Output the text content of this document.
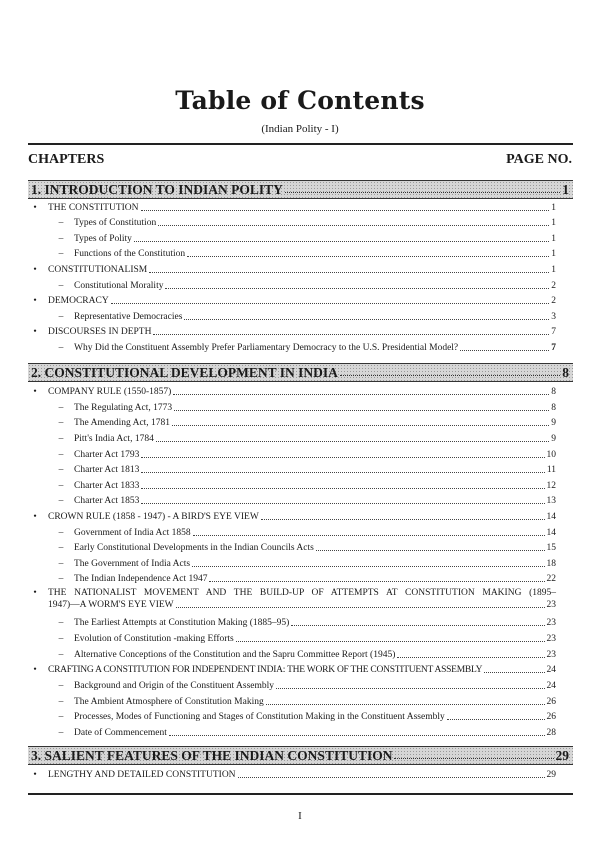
Table of Contents
(Indian Polity - I)
CHAPTERS	PAGE NO.
1. INTRODUCTION TO INDIAN POLITY	1
•	THE CONSTITUTION	1
–	Types of Constitution	1
–	Types of Polity	1
–	Functions of the Constitution	1
•	CONSTITUTIONALISM	1
–	Constitutional Morality	2
•	DEMOCRACY	2
–	Representative Democracies	3
•	DISCOURSES IN DEPTH	7
–	Why Did the Constituent Assembly Prefer Parliamentary Democracy to the U.S. Presidential Model?	7
2. CONSTITUTIONAL DEVELOPMENT IN INDIA	8
•	COMPANY RULE (1550-1857)	8
–	The Regulating Act, 1773	8
–	The Amending Act, 1781	9
–	Pitt's India Act, 1784	9
–	Charter Act 1793	10
–	Charter Act 1813	11
–	Charter Act 1833	12
–	Charter Act 1853	13
•	CROWN RULE (1858 - 1947) - A BIRD'S EYE VIEW	14
–	Government of India Act 1858	14
–	Early Constitutional Developments in the Indian Councils Acts	15
–	The Government of India Acts	18
–	The Indian Independence Act 1947	22
•	THE NATIONALIST MOVEMENT AND THE BUILD-UP OF ATTEMPTS AT CONSTITUTION MAKING (1895–
1947)—A WORM'S EYE VIEW	23
–	The Earliest Attempts at Constitution Making (1885–95)	23
–	Evolution of Constitution -making Efforts	23
–	Alternative Conceptions of the Constitution and the Sapru Committee Report (1945)	23
•	CRAFTING A CONSTITUTION FOR INDEPENDENT INDIA: THE WORK OF THE CONSTITUENT ASSEMBLY	24
–	Background and Origin of the Constituent Assembly	24
–	The Ambient Atmosphere of Constitution Making	26
–	Processes, Modes of Functioning and Stages of Constitution Making in the Constituent Assembly	26
–	Date of Commencement	28
3. SALIENT FEATURES OF THE INDIAN CONSTITUTION	29
•	LENGTHY AND DETAILED CONSTITUTION	29
I
